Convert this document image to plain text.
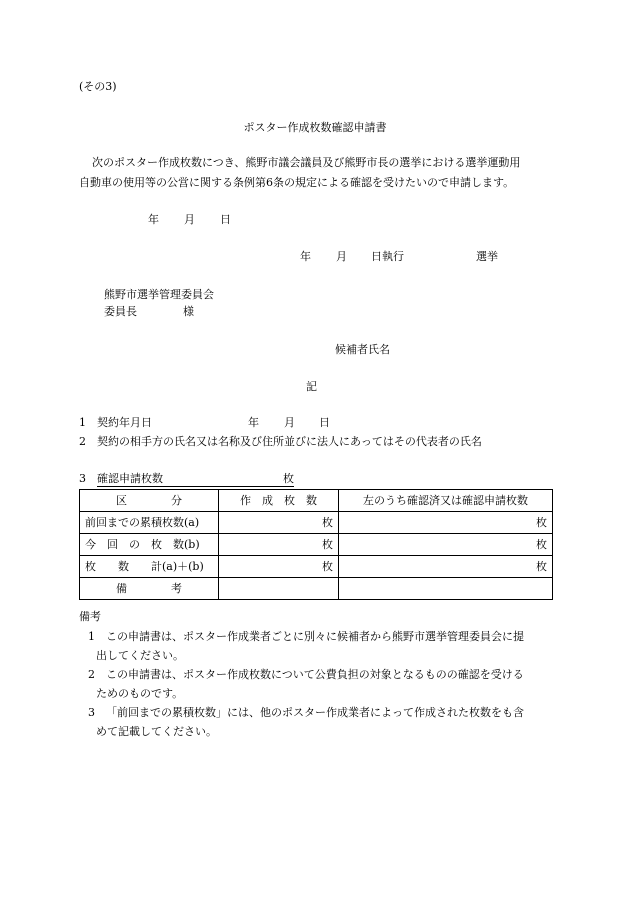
(その3)
ポスター作成枚数確認申請書
次のポスター作成枚数につき、熊野市議会議員及び熊野市長の選挙における選挙運動用
自動車の使用等の公営に関する条例第6条の規定による確認を受けたいので申請します。
年 月 日
年 月 日執行	選挙
熊野市選挙管理委員会
委員長	様
候補者氏名
記
1　契約年月日	年 月 日
2　契約の相手方の氏名又は名称及び住所並びに法人にあってはその代表者の氏名
3 確認申請枚数	枚
区　　　　分	作　成　枚　数	左のうち確認済又は確認申請枚数
前回までの累積枚数(a)	枚	枚
今　回　の　枚　数(b)	枚	枚
枚　　数　　計(a)＋(b)	枚	枚
備　　　　考		
備考
1 この申請書は、ポスター作成業者ごとに別々に候補者から熊野市選挙管理委員会に提
出してください。
2 この申請書は、ポスター作成枚数について公費負担の対象となるものの確認を受ける
ためのものです。
3 「前回までの累積枚数」には、他のポスター作成業者によって作成された枚数をも含
めて記載してください。
